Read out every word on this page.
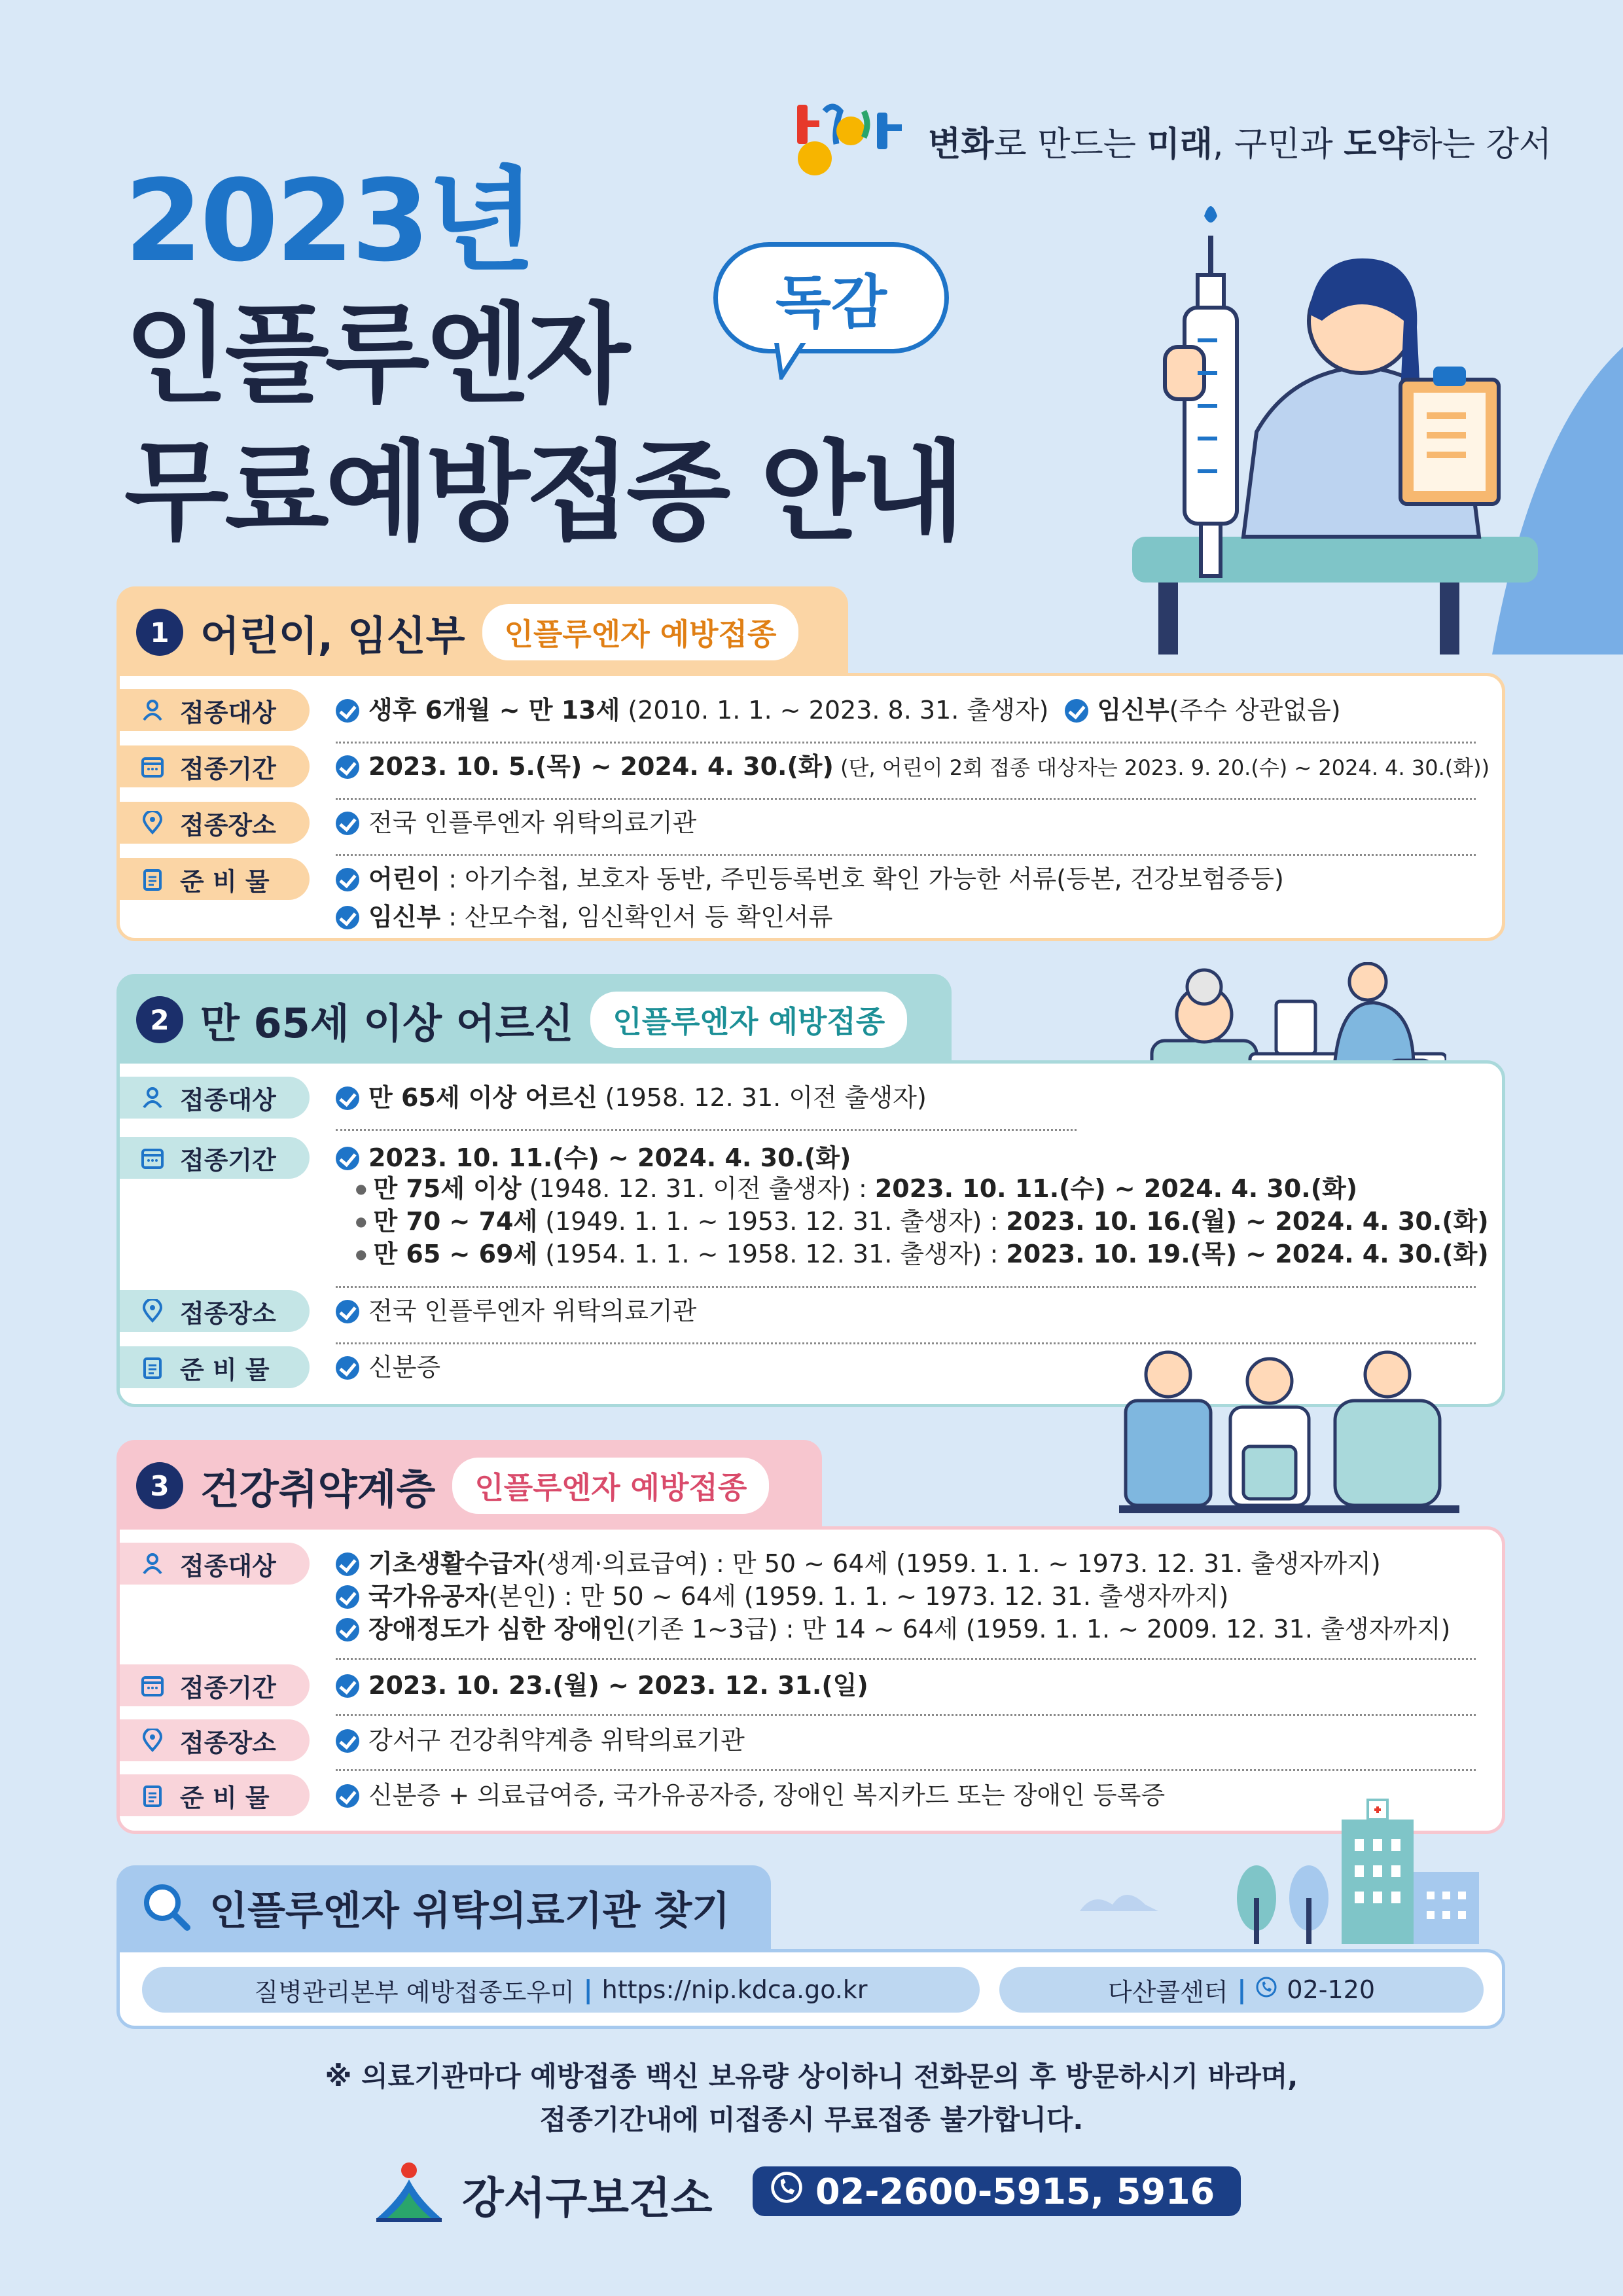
변화로 만드는 미래, 구민과 도약하는 강서
2023년
인플루엔자	독감
무료예방접종 안내
1 어린이, 임신부	인플루엔자 예방접종
접종대상	생후 6개월 ~ 만 13세 (2010. 1. 1. ~ 2023. 8. 31. 출생자) 임신부(주수 상관없음)
접종기간	2023. 10. 5.(목) ~ 2024. 4. 30.(화) (단, 어린이 2회 접종 대상자는 2023. 9. 20.(수) ~ 2024. 4. 30.(화))
접종장소	전국 인플루엔자 위탁의료기관
준 비 물	어린이 : 아기수첩, 보호자 동반, 주민등록번호 확인 가능한 서류(등본, 건강보험증등)
임신부 : 산모수첩, 임신확인서 등 확인서류
2 만 65세 이상 어르신	인플루엔자 예방접종
접종대상	만 65세 이상 어르신 (1958. 12. 31. 이전 출생자)
접종기간	2023. 10. 11.(수) ~ 2024. 4. 30.(화)
● 만 75세 이상 (1948. 12. 31. 이전 출생자) : 2023. 10. 11.(수) ~ 2024. 4. 30.(화)
● 만 70 ~ 74세 (1949. 1. 1. ~ 1953. 12. 31. 출생자) : 2023. 10. 16.(월) ~ 2024. 4. 30.(화)
● 만 65 ~ 69세 (1954. 1. 1. ~ 1958. 12. 31. 출생자) : 2023. 10. 19.(목) ~ 2024. 4. 30.(화)
접종장소	전국 인플루엔자 위탁의료기관
준 비 물	신분증
3 건강취약계층	인플루엔자 예방접종
접종대상	기초생활수급자(생계·의료급여) : 만 50 ~ 64세 (1959. 1. 1. ~ 1973. 12. 31. 출생자까지)
국가유공자(본인) : 만 50 ~ 64세 (1959. 1. 1. ~ 1973. 12. 31. 출생자까지)
장애정도가 심한 장애인(기존 1~3급) : 만 14 ~ 64세 (1959. 1. 1. ~ 2009. 12. 31. 출생자까지)
접종기간	2023. 10. 23.(월) ~ 2023. 12. 31.(일)
접종장소	강서구 건강취약계층 위탁의료기관
준 비 물	신분증 + 의료급여증, 국가유공자증, 장애인 복지카드 또는 장애인 등록증
인플루엔자 위탁의료기관 찾기
질병관리본부 예방접종도우미 | https://nip.kdca.go.kr	다산콜센터 | 02-120
※ 의료기관마다 예방접종 백신 보유량 상이하니 전화문의 후 방문하시기 바라며,
접종기간내에 미접종시 무료접종 불가합니다.
강서구보건소	02-2600-5915, 5916
